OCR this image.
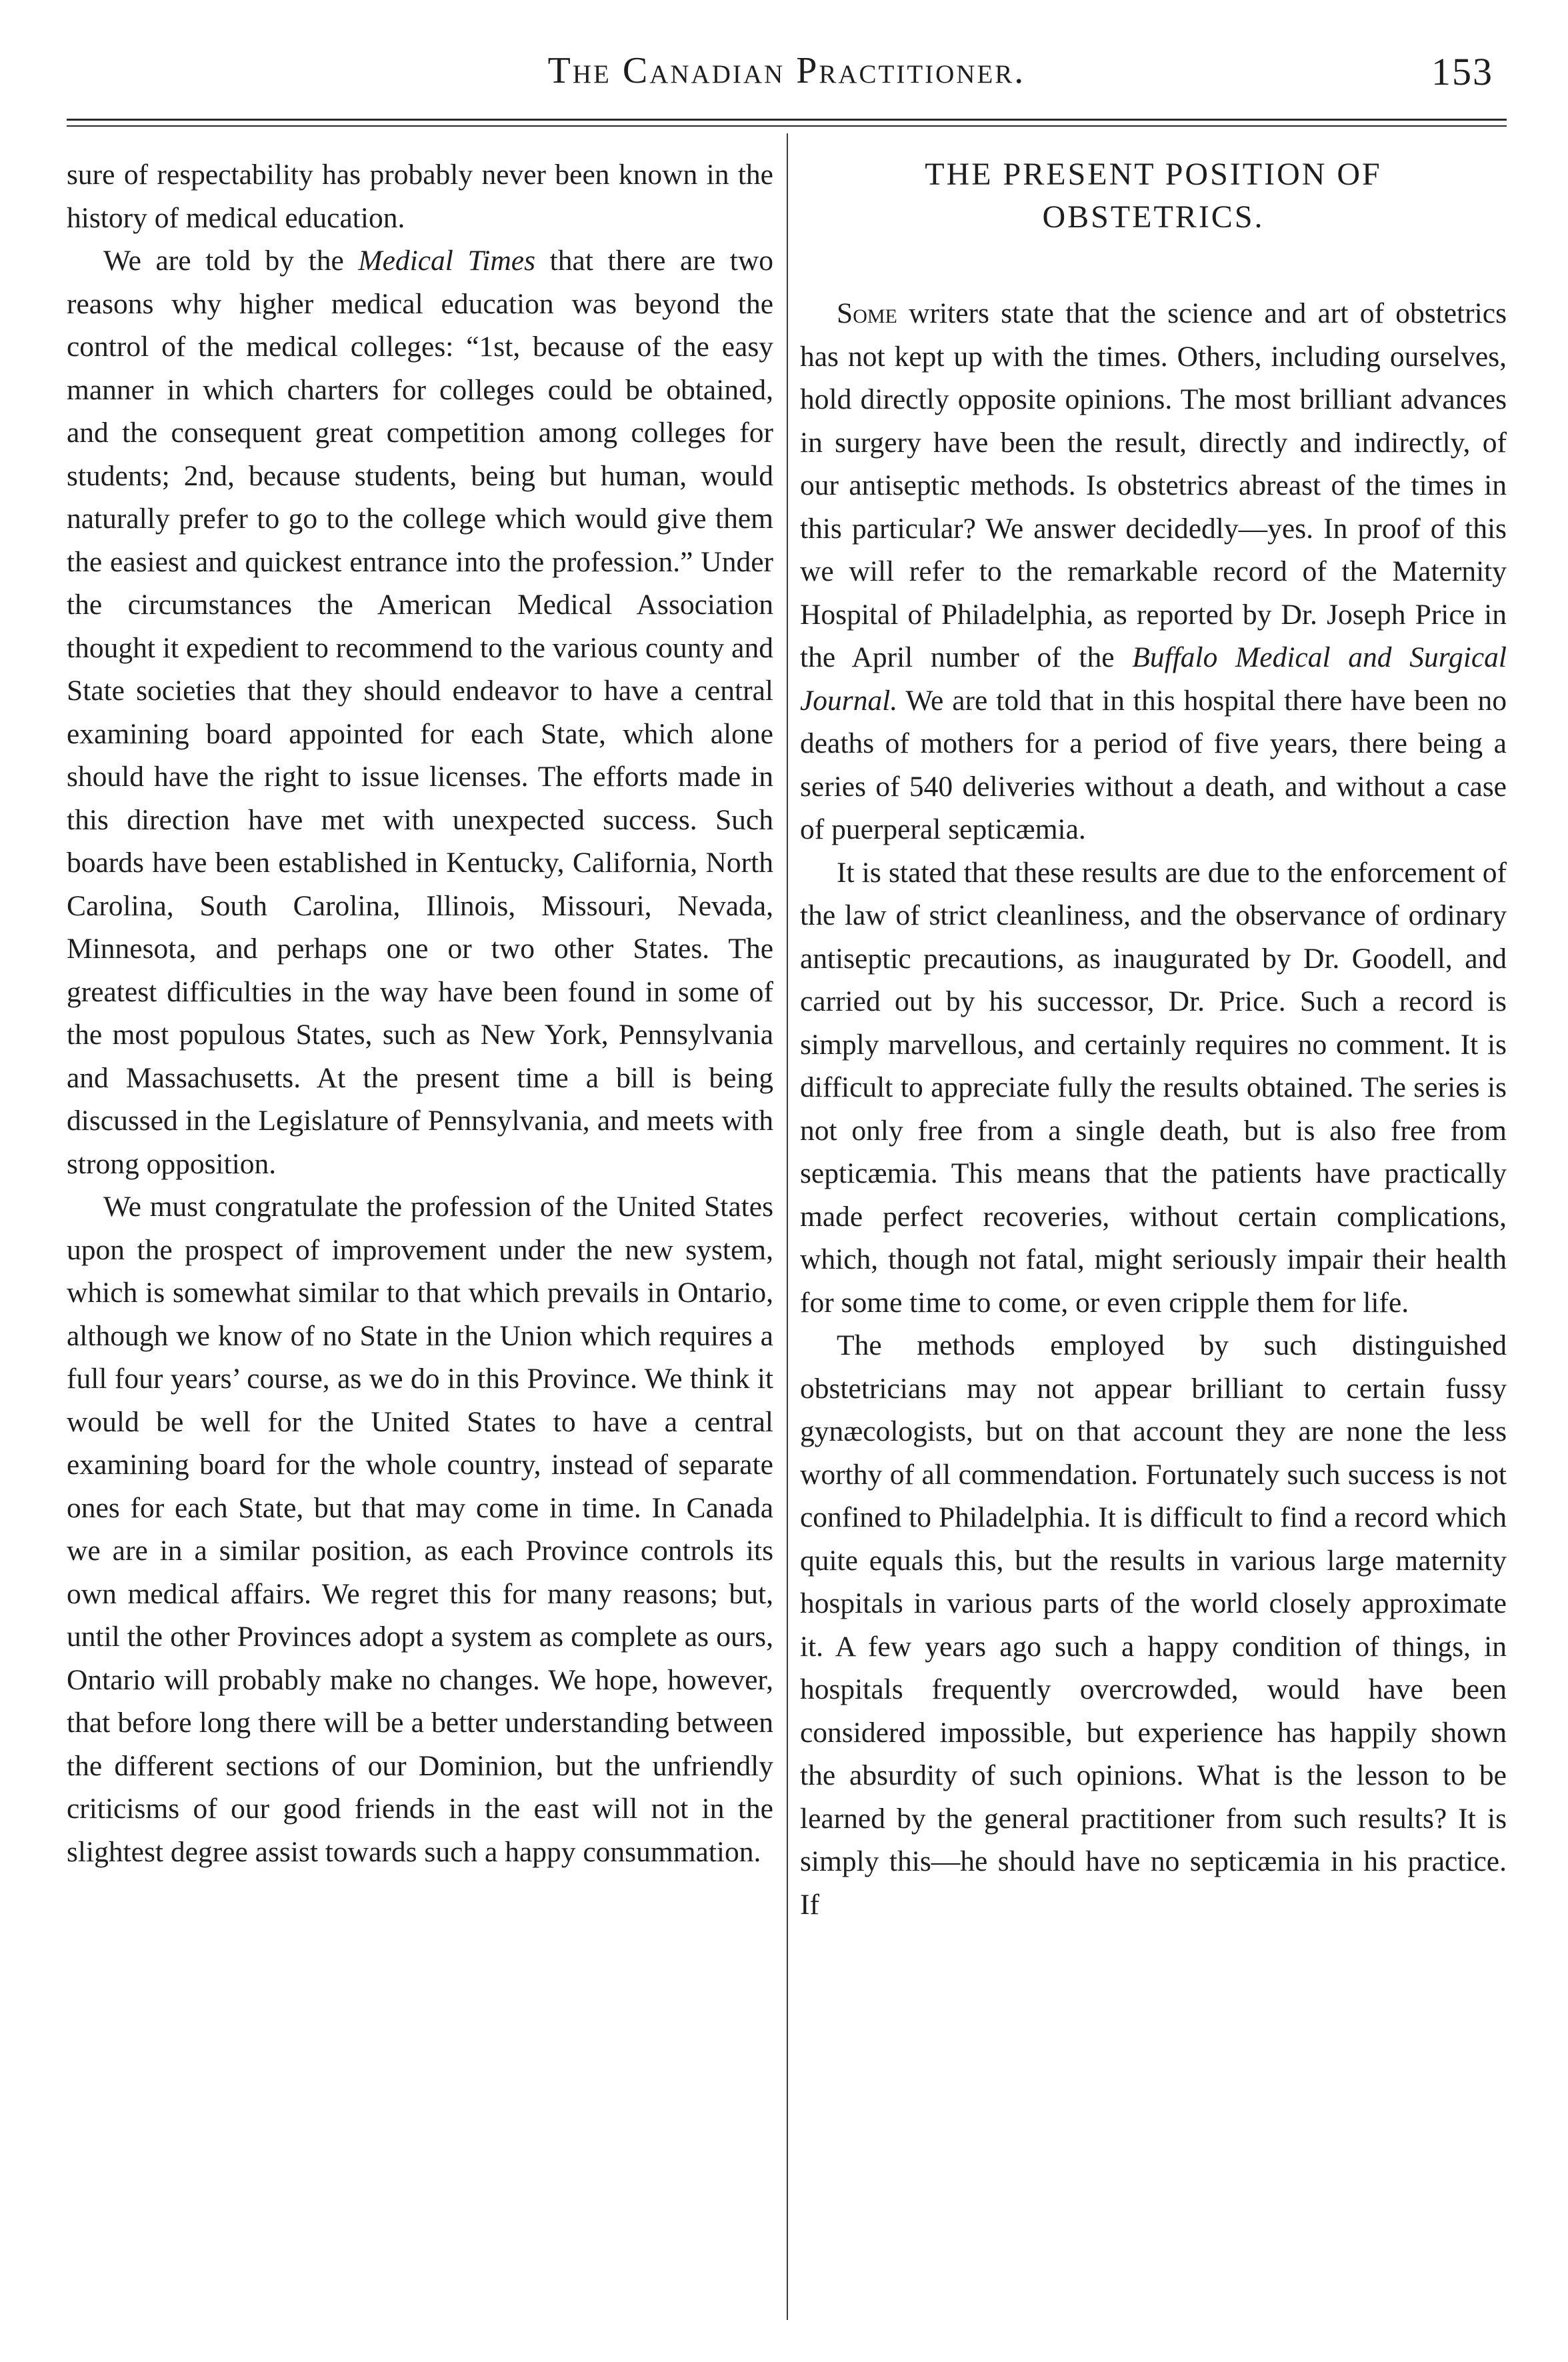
The Canadian Practitioner.	153

sure of respectability has probably never been known in the history of medical education.

We are told by the Medical Times that there are two reasons why higher medical education was beyond the control of the medical colleges: “1st, because of the easy manner in which charters for colleges could be obtained, and the consequent great competition among colleges for students; 2nd, because students, being but human, would naturally prefer to go to the college which would give them the easiest and quickest entrance into the profession.” Under the circumstances the American Medical Association thought it expedient to recommend to the various county and State societies that they should endeavor to have a central examining board appointed for each State, which alone should have the right to issue licenses. The efforts made in this direction have met with unexpected success. Such boards have been established in Kentucky, California, North Carolina, South Carolina, Illinois, Missouri, Nevada, Minnesota, and perhaps one or two other States. The greatest difficulties in the way have been found in some of the most populous States, such as New York, Pennsylvania and Massachusetts. At the present time a bill is being discussed in the Legislature of Pennsylvania, and meets with strong opposition.

We must congratulate the profession of the United States upon the prospect of improvement under the new system, which is somewhat similar to that which prevails in Ontario, although we know of no State in the Union which requires a full four years’ course, as we do in this Province. We think it would be well for the United States to have a central examining board for the whole country, instead of separate ones for each State, but that may come in time. In Canada we are in a similar position, as each Province controls its own medical affairs. We regret this for many reasons; but, until the other Provinces adopt a system as complete as ours, Ontario will probably make no changes. We hope, however, that before long there will be a better understanding between the different sections of our Dominion, but the unfriendly criticisms of our good friends in the east will not in the slightest degree assist towards such a happy consummation.

THE PRESENT POSITION OF
OBSTETRICS.

Some writers state that the science and art of obstetrics has not kept up with the times. Others, including ourselves, hold directly opposite opinions. The most brilliant advances in surgery have been the result, directly and indirectly, of our antiseptic methods. Is obstetrics abreast of the times in this particular? We answer decidedly—yes. In proof of this we will refer to the remarkable record of the Maternity Hospital of Philadelphia, as reported by Dr. Joseph Price in the April number of the Buffalo Medical and Surgical Journal. We are told that in this hospital there have been no deaths of mothers for a period of five years, there being a series of 540 deliveries without a death, and without a case of puerperal septicæmia.

It is stated that these results are due to the enforcement of the law of strict cleanliness, and the observance of ordinary antiseptic precautions, as inaugurated by Dr. Goodell, and carried out by his successor, Dr. Price. Such a record is simply marvellous, and certainly requires no comment. It is difficult to appreciate fully the results obtained. The series is not only free from a single death, but is also free from septicæmia. This means that the patients have practically made perfect recoveries, without certain complications, which, though not fatal, might seriously impair their health for some time to come, or even cripple them for life.

The methods employed by such distinguished obstetricians may not appear brilliant to certain fussy gynæcologists, but on that account they are none the less worthy of all commendation. Fortunately such success is not confined to Philadelphia. It is difficult to find a record which quite equals this, but the results in various large maternity hospitals in various parts of the world closely approximate it. A few years ago such a happy condition of things, in hospitals frequently overcrowded, would have been considered impossible, but experience has happily shown the absurdity of such opinions. What is the lesson to be learned by the general practitioner from such results? It is simply this—he should have no septicæmia in his practice. If
